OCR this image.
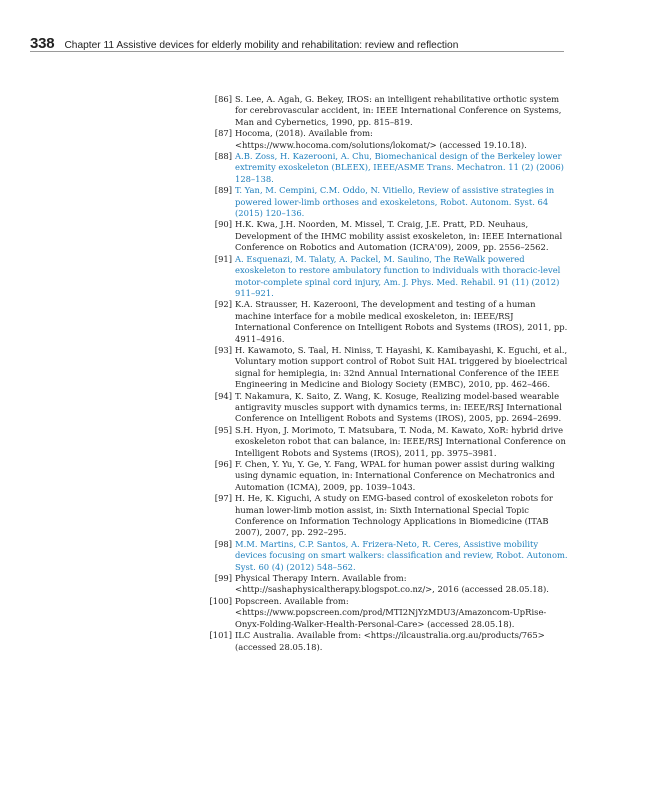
338 Chapter 11 Assistive devices for elderly mobility and rehabilitation: review and reflection
[86] S. Lee, A. Agah, G. Bekey, IROS: an intelligent rehabilitative orthotic system for cerebrovascular accident, in: IEEE International Conference on Systems, Man and Cybernetics, 1990, pp. 815–819.
[87] Hocoma, (2018). Available from: <https://www.hocoma.com/solutions/lokomat/> (accessed 19.10.18).
[88] A.B. Zoss, H. Kazerooni, A. Chu, Biomechanical design of the Berkeley lower extremity exoskeleton (BLEEX), IEEE/ASME Trans. Mechatron. 11 (2) (2006) 128–138.
[89] T. Yan, M. Cempini, C.M. Oddo, N. Vitiello, Review of assistive strategies in powered lower-limb orthoses and exoskeletons, Robot. Autonom. Syst. 64 (2015) 120–136.
[90] H.K. Kwa, J.H. Noorden, M. Missel, T. Craig, J.E. Pratt, P.D. Neuhaus, Development of the IHMC mobility assist exoskeleton, in: IEEE International Conference on Robotics and Automation (ICRA'09), 2009, pp. 2556–2562.
[91] A. Esquenazi, M. Talaty, A. Packel, M. Saulino, The ReWalk powered exoskeleton to restore ambulatory function to individuals with thoracic-level motor-complete spinal cord injury, Am. J. Phys. Med. Rehabil. 91 (11) (2012) 911–921.
[92] K.A. Strausser, H. Kazerooni, The development and testing of a human machine interface for a mobile medical exoskeleton, in: IEEE/RSJ International Conference on Intelligent Robots and Systems (IROS), 2011, pp. 4911–4916.
[93] H. Kawamoto, S. Taal, H. Niniss, T. Hayashi, K. Kamibayashi, K. Eguchi, et al., Voluntary motion support control of Robot Suit HAL triggered by bioelectrical signal for hemiplegia, in: 32nd Annual International Conference of the IEEE Engineering in Medicine and Biology Society (EMBC), 2010, pp. 462–466.
[94] T. Nakamura, K. Saito, Z. Wang, K. Kosuge, Realizing model-based wearable antigravity muscles support with dynamics terms, in: IEEE/RSJ International Conference on Intelligent Robots and Systems (IROS), 2005, pp. 2694–2699.
[95] S.H. Hyon, J. Morimoto, T. Matsubara, T. Noda, M. Kawato, XoR: hybrid drive exoskeleton robot that can balance, in: IEEE/RSJ International Conference on Intelligent Robots and Systems (IROS), 2011, pp. 3975–3981.
[96] F. Chen, Y. Yu, Y. Ge, Y. Fang, WPAL for human power assist during walking using dynamic equation, in: International Conference on Mechatronics and Automation (ICMA), 2009, pp. 1039–1043.
[97] H. He, K. Kiguchi, A study on EMG-based control of exoskeleton robots for human lower-limb motion assist, in: Sixth International Special Topic Conference on Information Technology Applications in Biomedicine (ITAB 2007), 2007, pp. 292–295.
[98] M.M. Martins, C.P. Santos, A. Frizera-Neto, R. Ceres, Assistive mobility devices focusing on smart walkers: classification and review, Robot. Autonom. Syst. 60 (4) (2012) 548–562.
[99] Physical Therapy Intern. Available from: <http://sashaphysicaltherapy.blogspot.co.nz/>, 2016 (accessed 28.05.18).
[100] Popscreen. Available from: <https://www.popscreen.com/prod/MTI2NjYzMDU3/Amazoncom-UpRise-Onyx-Folding-Walker-Health-Personal-Care> (accessed 28.05.18).
[101] ILC Australia. Available from: <https://ilcaustralia.org.au/products/765> (accessed 28.05.18).
